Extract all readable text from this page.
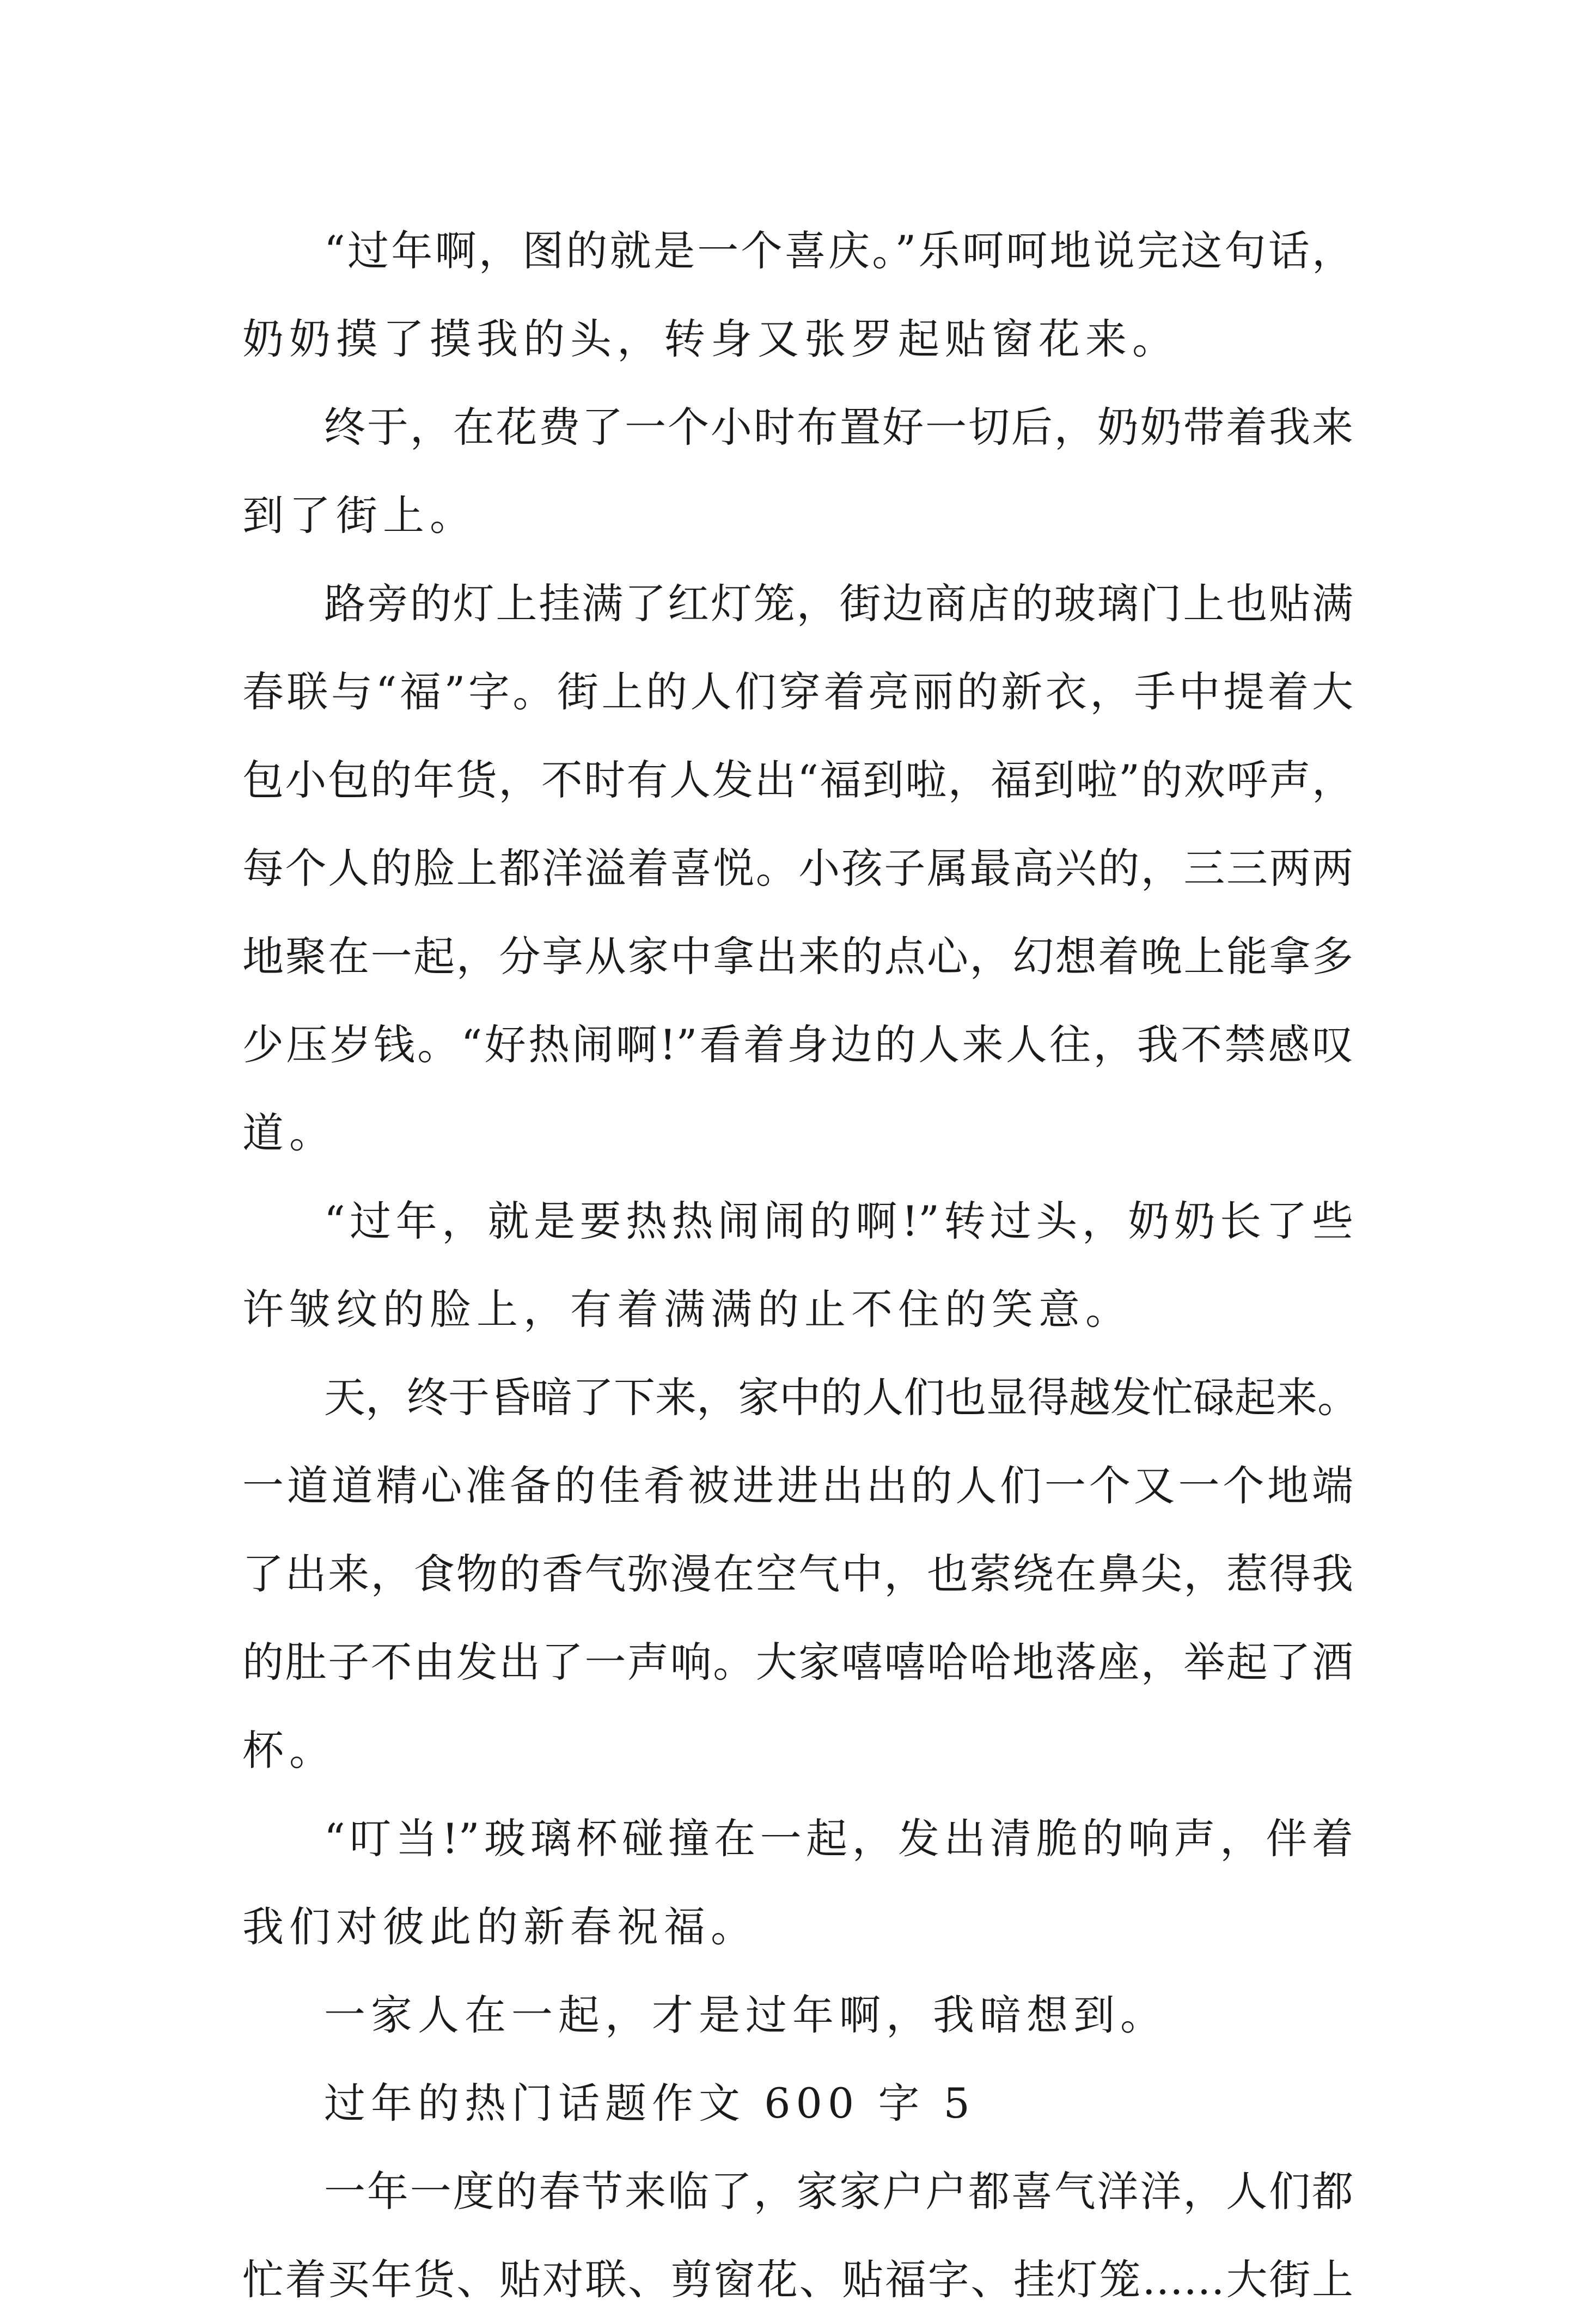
“过年啊，图的就是一个喜庆。”乐呵呵地说完这句话，
奶奶摸了摸我的头，转身又张罗起贴窗花来。
终于，在花费了一个小时布置好一切后，奶奶带着我来
到了街上。
路旁的灯上挂满了红灯笼，街边商店的玻璃门上也贴满
春联与“福”字。街上的人们穿着亮丽的新衣，手中提着大
包小包的年货，不时有人发出“福到啦，福到啦”的欢呼声，
每个人的脸上都洋溢着喜悦。小孩子属最高兴的，三三两两
地聚在一起，分享从家中拿出来的点心，幻想着晚上能拿多
少压岁钱。“好热闹啊!”看着身边的人来人往，我不禁感叹
道。
“过年，就是要热热闹闹的啊!”转过头，奶奶长了些
许皱纹的脸上，有着满满的止不住的笑意。
天，终于昏暗了下来，家中的人们也显得越发忙碌起来。
一道道精心准备的佳肴被进进出出的人们一个又一个地端
了出来，食物的香气弥漫在空气中，也萦绕在鼻尖，惹得我
的肚子不由发出了一声响。大家嘻嘻哈哈地落座，举起了酒
杯。
“叮当!”玻璃杯碰撞在一起，发出清脆的响声，伴着
我们对彼此的新春祝福。
一家人在一起，才是过年啊，我暗想到。
过年的热门话题作文 600 字 5
一年一度的春节来临了，家家户户都喜气洋洋，人们都
忙着买年货、贴对联、剪窗花、贴福字、挂灯笼……大街上
